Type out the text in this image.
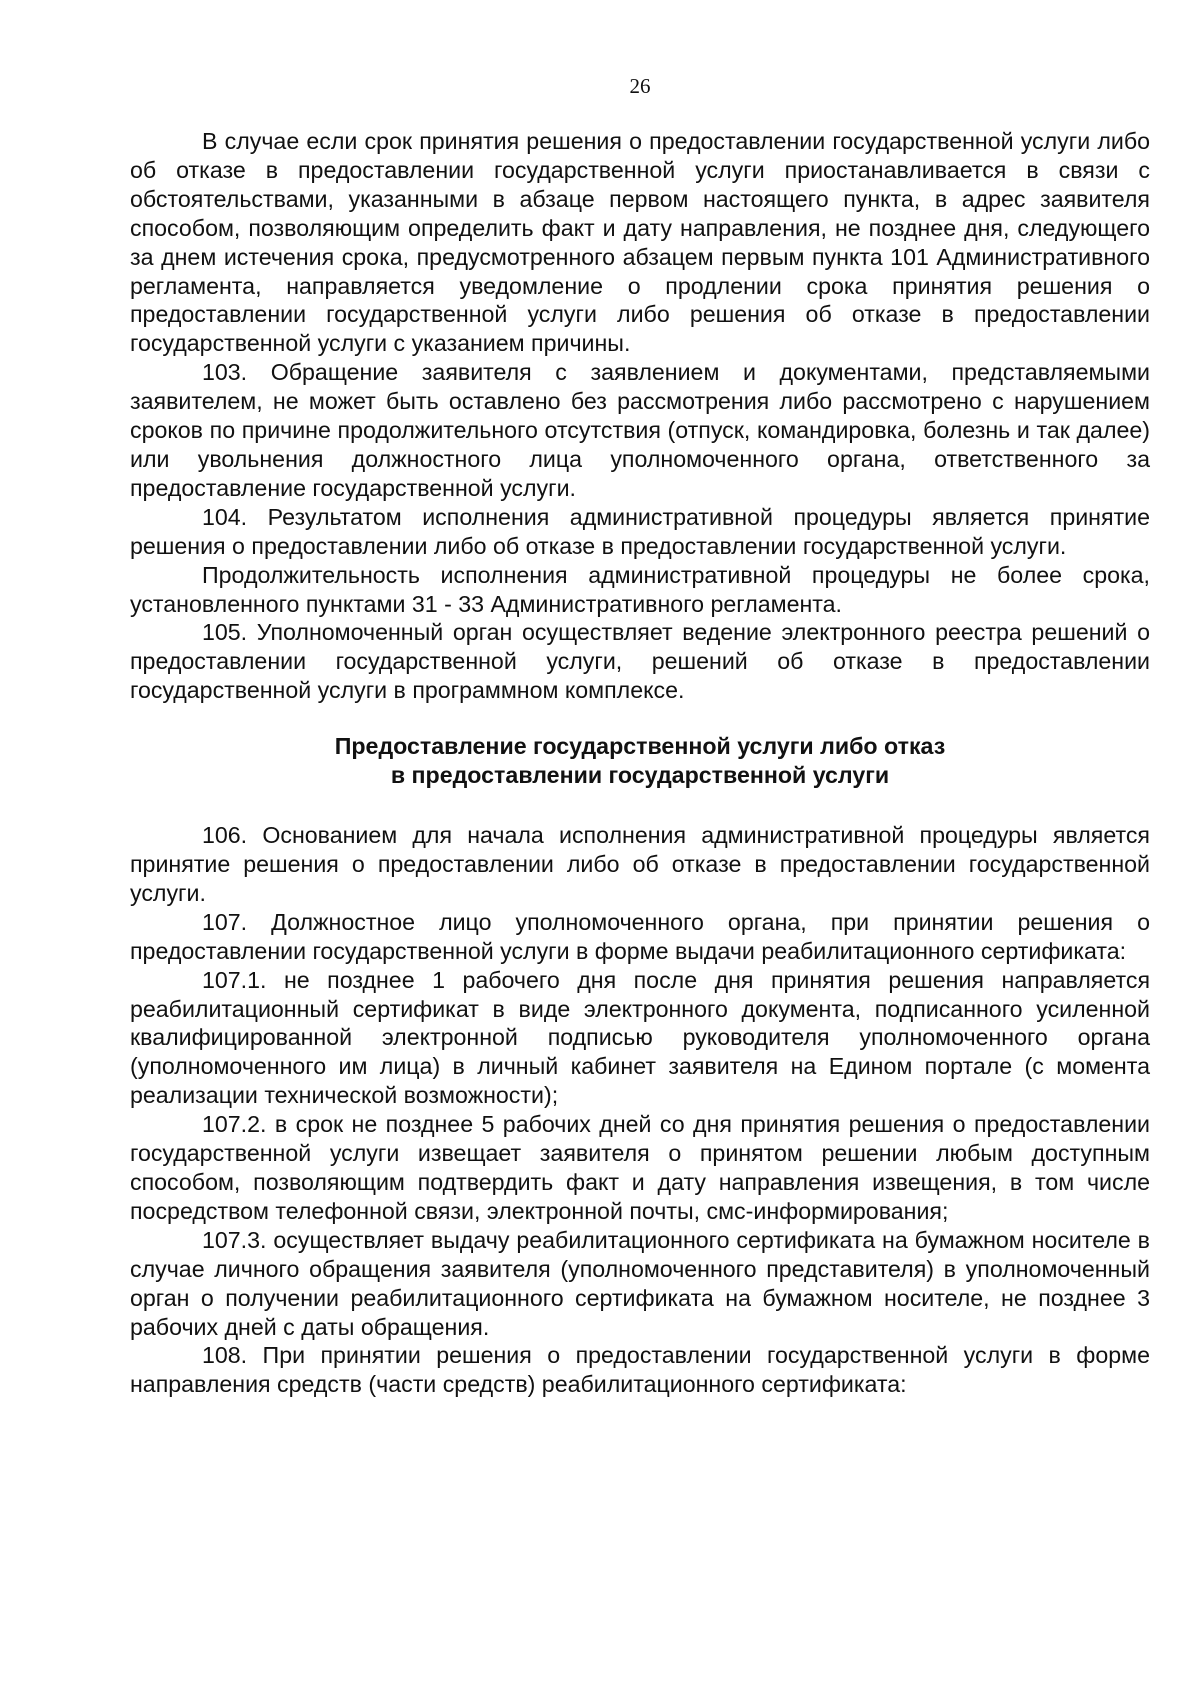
26

В случае если срок принятия решения о предоставлении государственной услуги либо об отказе в предоставлении государственной услуги приостанавливается в связи с обстоятельствами, указанными в абзаце первом настоящего пункта, в адрес заявителя способом, позволяющим определить факт и дату направления, не позднее дня, следующего за днем истечения срока, предусмотренного абзацем первым пункта 101 Административного регламента, направляется уведомление о продлении срока принятия решения о предоставлении государственной услуги либо решения об отказе в предоставлении государственной услуги с указанием причины.

103. Обращение заявителя с заявлением и документами, представляемыми заявителем, не может быть оставлено без рассмотрения либо рассмотрено с нарушением сроков по причине продолжительного отсутствия (отпуск, командировка, болезнь и так далее) или увольнения должностного лица уполномоченного органа, ответственного за предоставление государственной услуги.

104. Результатом исполнения административной процедуры является принятие решения о предоставлении либо об отказе в предоставлении государственной услуги.

Продолжительность исполнения административной процедуры не более срока, установленного пунктами 31 - 33 Административного регламента.

105. Уполномоченный орган осуществляет ведение электронного реестра решений о предоставлении государственной услуги, решений об отказе в предоставлении государственной услуги в программном комплексе.

Предоставление государственной услуги либо отказ
в предоставлении государственной услуги

106. Основанием для начала исполнения административной процедуры является принятие решения о предоставлении либо об отказе в предоставлении государственной услуги.

107. Должностное лицо уполномоченного органа, при принятии решения о предоставлении государственной услуги в форме выдачи реабилитационного сертификата:

107.1. не позднее 1 рабочего дня после дня принятия решения направляется реабилитационный сертификат в виде электронного документа, подписанного усиленной квалифицированной электронной подписью руководителя уполномоченного органа (уполномоченного им лица) в личный кабинет заявителя на Едином портале (с момента реализации технической возможности);

107.2. в срок не позднее 5 рабочих дней со дня принятия решения о предоставлении государственной услуги извещает заявителя о принятом решении любым доступным способом, позволяющим подтвердить факт и дату направления извещения, в том числе посредством телефонной связи, электронной почты, смс-информирования;

107.3. осуществляет выдачу реабилитационного сертификата на бумажном носителе в случае личного обращения заявителя (уполномоченного представителя) в уполномоченный орган о получении реабилитационного сертификата на бумажном носителе, не позднее 3 рабочих дней с даты обращения.

108. При принятии решения о предоставлении государственной услуги в форме направления средств (части средств) реабилитационного сертификата:
